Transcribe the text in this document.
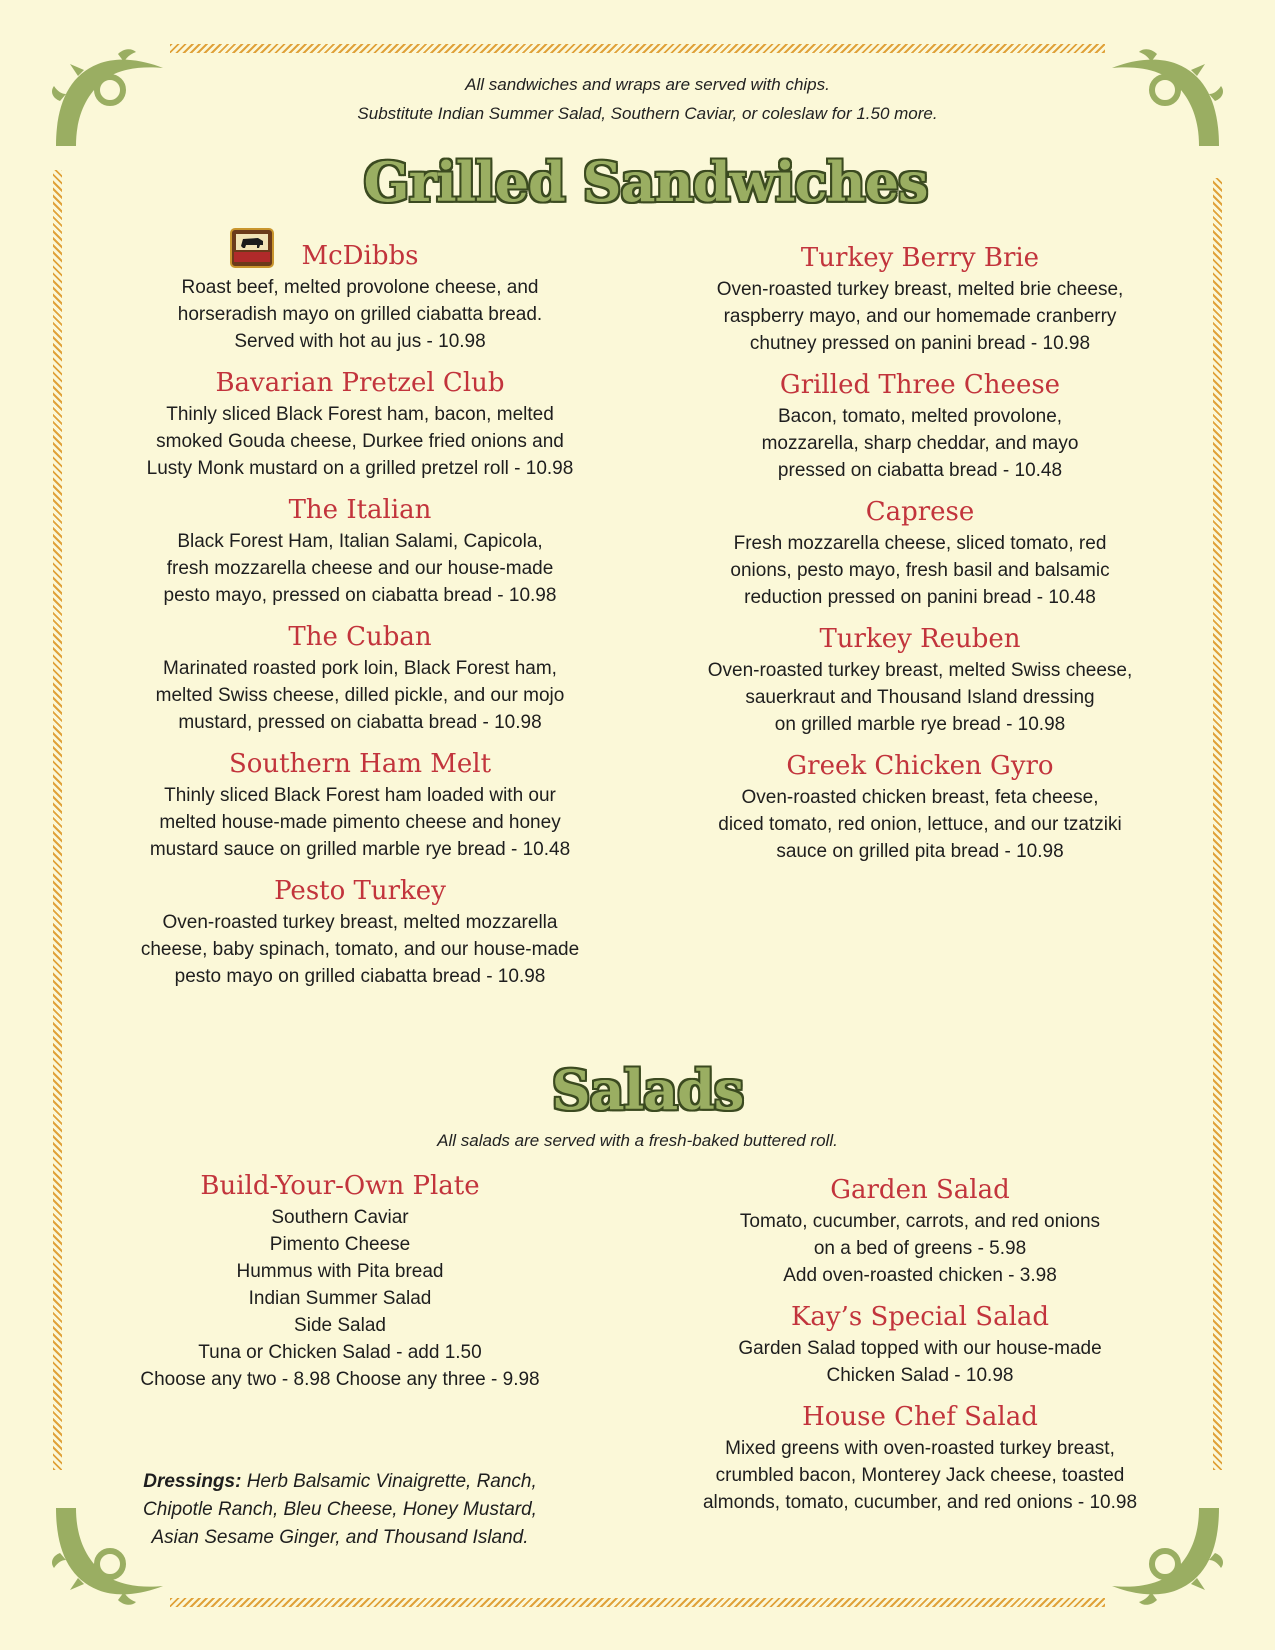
All sandwiches and wraps are served with chips.
Substitute Indian Summer Salad, Southern Caviar, or coleslaw for 1.50 more.
Grilled Sandwiches
McDibbs

Roast beef, melted provolone cheese, and
horseradish mayo on grilled ciabatta bread.
Served with hot au jus - 10.98

Bavarian Pretzel Club

Thinly sliced Black Forest ham, bacon, melted
smoked Gouda cheese, Durkee fried onions and
Lusty Monk mustard on a grilled pretzel roll - 10.98

The Italian

Black Forest Ham, Italian Salami, Capicola,
fresh mozzarella cheese and our house-made
pesto mayo, pressed on ciabatta bread - 10.98

The Cuban

Marinated roasted pork loin, Black Forest ham,
melted Swiss cheese, dilled pickle, and our mojo
mustard, pressed on ciabatta bread - 10.98

Southern Ham Melt

Thinly sliced Black Forest ham loaded with our
melted house-made pimento cheese and honey
mustard sauce on grilled marble rye bread - 10.48

Pesto Turkey

Oven-roasted turkey breast, melted mozzarella
cheese, baby spinach, tomato, and our house-made
pesto mayo on grilled ciabatta bread - 10.98

Turkey Berry Brie

Oven-roasted turkey breast, melted brie cheese,
raspberry mayo, and our homemade cranberry
chutney pressed on panini bread - 10.98

Grilled Three Cheese

Bacon, tomato, melted provolone,
mozzarella, sharp cheddar, and mayo
pressed on ciabatta bread - 10.48

Caprese

Fresh mozzarella cheese, sliced tomato, red
onions, pesto mayo, fresh basil and balsamic
reduction pressed on panini bread - 10.48

Turkey Reuben

Oven-roasted turkey breast, melted Swiss cheese,
sauerkraut and Thousand Island dressing
on grilled marble rye bread - 10.98

Greek Chicken Gyro

Oven-roasted chicken breast, feta cheese,
diced tomato, red onion, lettuce, and our tzatziki
sauce on grilled pita bread - 10.98

Salads
All salads are served with a fresh-baked buttered roll.
Build-Your-Own Plate

Southern Caviar
Pimento Cheese
Hummus with Pita bread
Indian Summer Salad
Side Salad
Tuna or Chicken Salad - add 1.50
Choose any two - 8.98 Choose any three - 9.98

Dressings: Herb Balsamic Vinaigrette, Ranch,
Chipotle Ranch, Bleu Cheese, Honey Mustard,
Asian Sesame Ginger, and Thousand Island.
Garden Salad

Tomato, cucumber, carrots, and red onions
on a bed of greens - 5.98
Add oven-roasted chicken - 3.98

Kay’s Special Salad

Garden Salad topped with our house-made
Chicken Salad - 10.98

House Chef Salad

Mixed greens with oven-roasted turkey breast,
crumbled bacon, Monterey Jack cheese, toasted
almonds, tomato, cucumber, and red onions - 10.98
